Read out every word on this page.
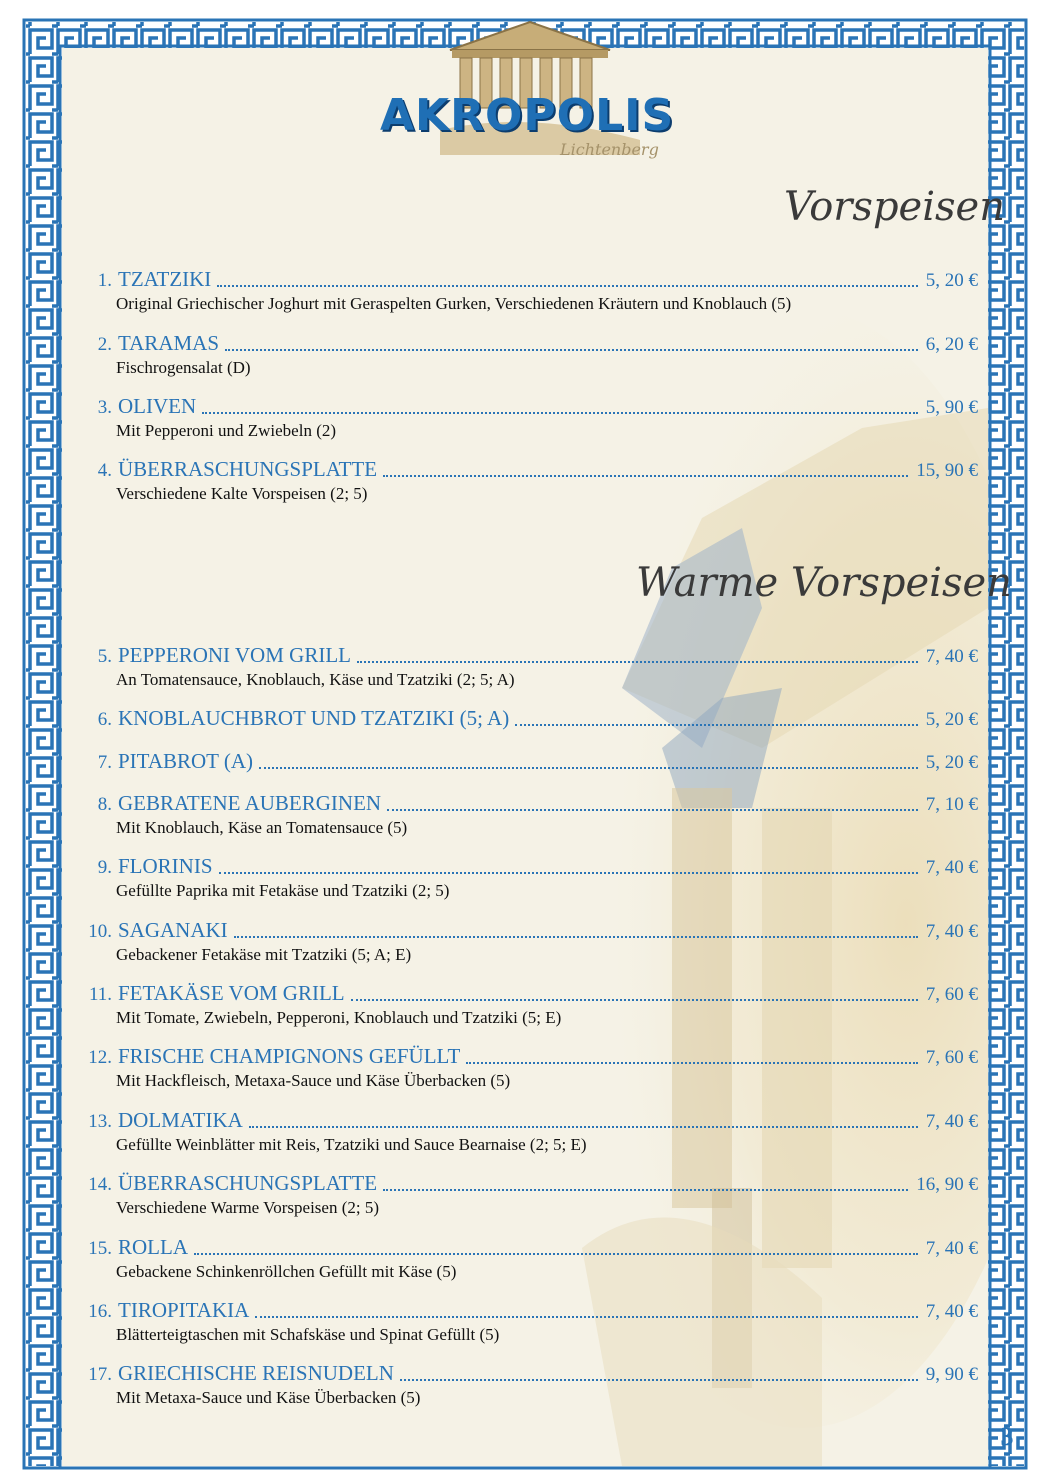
AKROPOLIS
Lichtenberg
Vorspeisen
Warme Vorspeisen
1. TZATZIKI	5, 20 €
Original Griechischer Joghurt mit Geraspelten Gurken, Verschiedenen Kräutern und Knoblauch (5)
2. TARAMAS	6, 20 €
Fischrogensalat (D)
3. OLIVEN	5, 90 €
Mit Pepperoni und Zwiebeln (2)
4. ÜBERRASCHUNGSPLATTE	15, 90 €
Verschiedene Kalte Vorspeisen (2; 5)
5. PEPPERONI VOM GRILL	7, 40 €
An Tomatensauce, Knoblauch, Käse und Tzatziki (2; 5; A)
6. KNOBLAUCHBROT UND TZATZIKI (5; A)	5, 20 €
7. PITABROT (A)	5, 20 €
8. GEBRATENE AUBERGINEN	7, 10 €
Mit Knoblauch, Käse an Tomatensauce (5)
9. FLORINIS	7, 40 €
Gefüllte Paprika mit Fetakäse und Tzatziki (2; 5)
10. SAGANAKI	7, 40 €
Gebackener Fetakäse mit Tzatziki (5; A; E)
11. FETAKÄSE VOM GRILL	7, 60 €
Mit Tomate, Zwiebeln, Pepperoni, Knoblauch und Tzatziki (5; E)
12. FRISCHE CHAMPIGNONS GEFÜLLT	7, 60 €
Mit Hackfleisch, Metaxa-Sauce und Käse Überbacken (5)
13. DOLMATIKA	7, 40 €
Gefüllte Weinblätter mit Reis, Tzatziki und Sauce Bearnaise (2; 5; E)
14. ÜBERRASCHUNGSPLATTE	16, 90 €
Verschiedene Warme Vorspeisen (2; 5)
15. ROLLA	7, 40 €
Gebackene Schinkenröllchen Gefüllt mit Käse (5)
16. TIROPITAKIA	7, 40 €
Blätterteigtaschen mit Schafskäse und Spinat Gefüllt (5)
17. GRIECHISCHE REISNUDELN	9, 90 €
Mit Metaxa-Sauce und Käse Überbacken (5)
3
